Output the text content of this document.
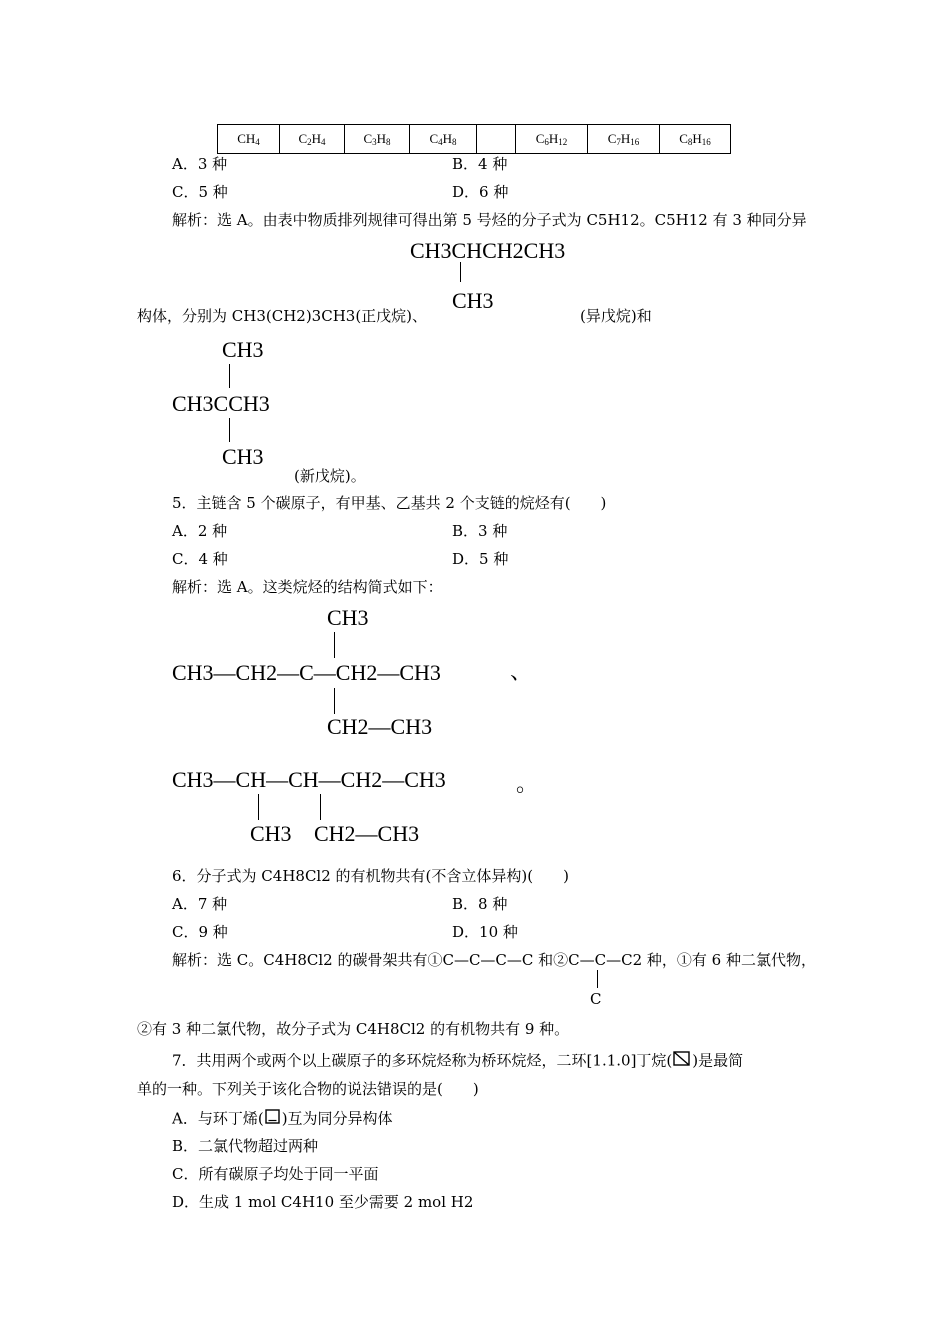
$CH_4$	$C_2H_4$	$C_3H_8$	$C_4H_8$		$C_6H_{12}$	$C_7H_{16}$	$C_8H_{16}$
A．3 种	B．4 种
C．5 种	D．6 种
解析：选 A。由表中物质排列规律可得出第 5 号烃的分子式为 C5H12。C5H12 有 3 种同分异
CH3CHCH2CH3
CH3
构体，分别为 CH3(CH2)3CH3(正戊烷)、	(异戊烷)和
CH3
CH3CCH3
CH3
(新戊烷)。
5．主链含 5 个碳原子，有甲基、乙基共 2 个支链的烷烃有(　　)
A．2 种	B．3 种
C．4 种	D．5 种
解析：选 A。这类烷烃的结构简式如下：
CH3
CH3—CH2—C—CH2—CH3	、
CH2—CH3
CH3—CH—CH—CH2—CH3	。
CH3 CH2—CH3
6．分子式为 C4H8Cl2 的有机物共有(不含立体异构)(　　)
A．7 种	B．8 种
C．9 种	D．10 种
解析：选 C。C4H8Cl2 的碳骨架共有①C—C—C—C 和②C—C—C2 种，①有 6 种二氯代物，
C
②有 3 种二氯代物，故分子式为 C4H8Cl2 的有机物共有 9 种。
7．共用两个或两个以上碳原子的多环烷烃称为桥环烷烃，二环[1.1.0]丁烷( )是最简
单的一种。下列关于该化合物的说法错误的是(　　)
A．与环丁烯( )互为同分异构体
B．二氯代物超过两种
C．所有碳原子均处于同一平面
D．生成 1 mol C4H10 至少需要 2 mol H2
